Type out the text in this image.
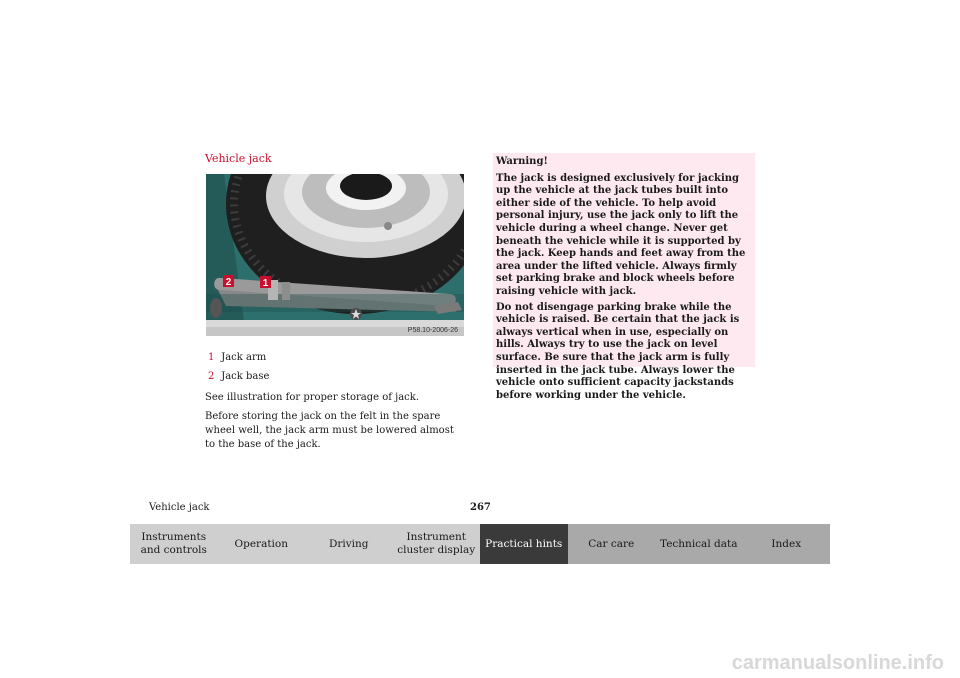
Vehicle jack
2	1
P58.10-2006-26
1 Jack arm
2 Jack base

See illustration for proper storage of jack.

Before storing the jack on the felt in the spare wheel well, the jack arm must be lowered almost to the base of the jack.

Warning!

The jack is designed exclusively for jacking up the vehicle at the jack tubes built into either side of the vehicle. To help avoid personal injury, use the jack only to lift the vehicle during a wheel change. Never get beneath the vehicle while it is supported by the jack. Keep hands and feet away from the area under the lifted vehicle. Always firmly set parking brake and block wheels before raising vehicle with jack.

Do not disengage parking brake while the vehicle is raised. Be certain that the jack is always vertical when in use, especially on hills. Always try to use the jack on level surface. Be sure that the jack arm is fully inserted in the jack tube. Always lower the vehicle onto sufficient capacity jackstands before working under the vehicle.

Vehicle jack	267
Instruments and controls
Operation	Driving
Instrument cluster display
Practical hints	Car care	Technical data	Index
carmanualsonline.info
